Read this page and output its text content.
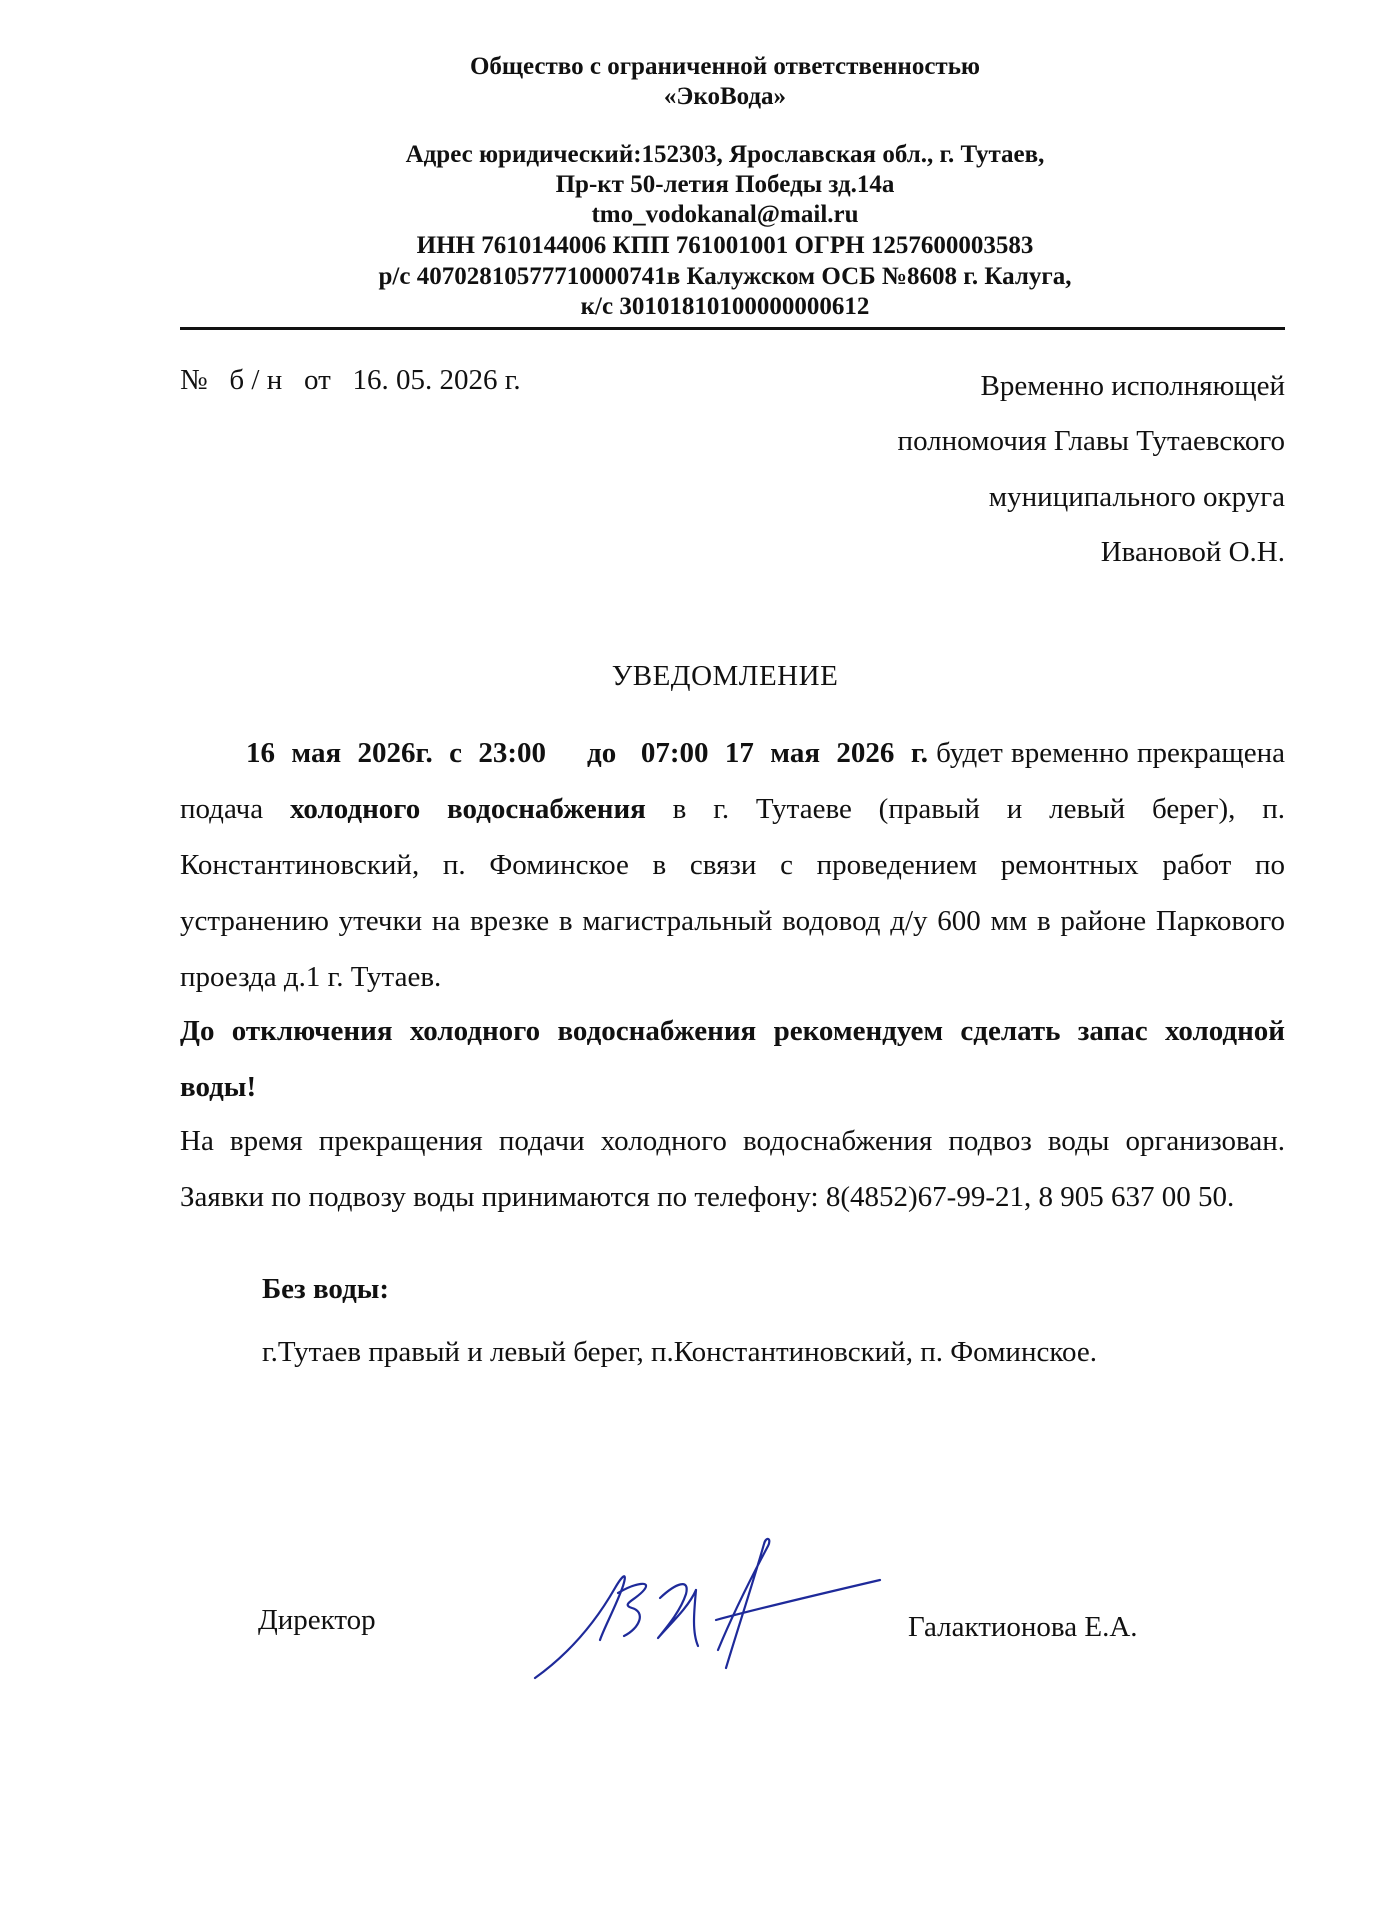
Общество с ограниченной ответственностью
«ЭкоВода»
Адрес юридический:152303, Ярославская обл., г. Тутаев,
Пр-кт 50-летия Победы зд.14а
tmo_vodokanal@mail.ru
ИНН 7610144006 КПП 761001001 ОГРН 1257600003583
р/с 40702810577710000741в Калужском ОСБ №8608 г. Калуга,
к/с 30101810100000000612
№   б / н   от   16. 05. 2026 г.	Временно исполняющей
полномочия Главы Тутаевского
муниципального округа
Ивановой О.Н.
УВЕДОМЛЕНИЕ
16  мая  2026г.  с  23:00     до   07:00  17  мая  2026  г. будет временно прекращена подача холодного водоснабжения в г. Тутаеве (правый и левый берег), п. Константиновский, п. Фоминское в связи с проведением ремонтных работ по устранению утечки на врезке в магистральный водовод д/у 600 мм в районе Паркового проезда д.1 г. Тутаев.
До отключения холодного водоснабжения рекомендуем сделать запас холодной воды!
На время прекращения подачи холодного водоснабжения подвоз воды организован. Заявки по подвозу воды принимаются по телефону: 8(4852)67-99-21, 8 905 637 00 50.
Без воды:
г.Тутаев правый и левый берег, п.Константиновский, п. Фоминское.
Директор	Галактионова Е.А.
